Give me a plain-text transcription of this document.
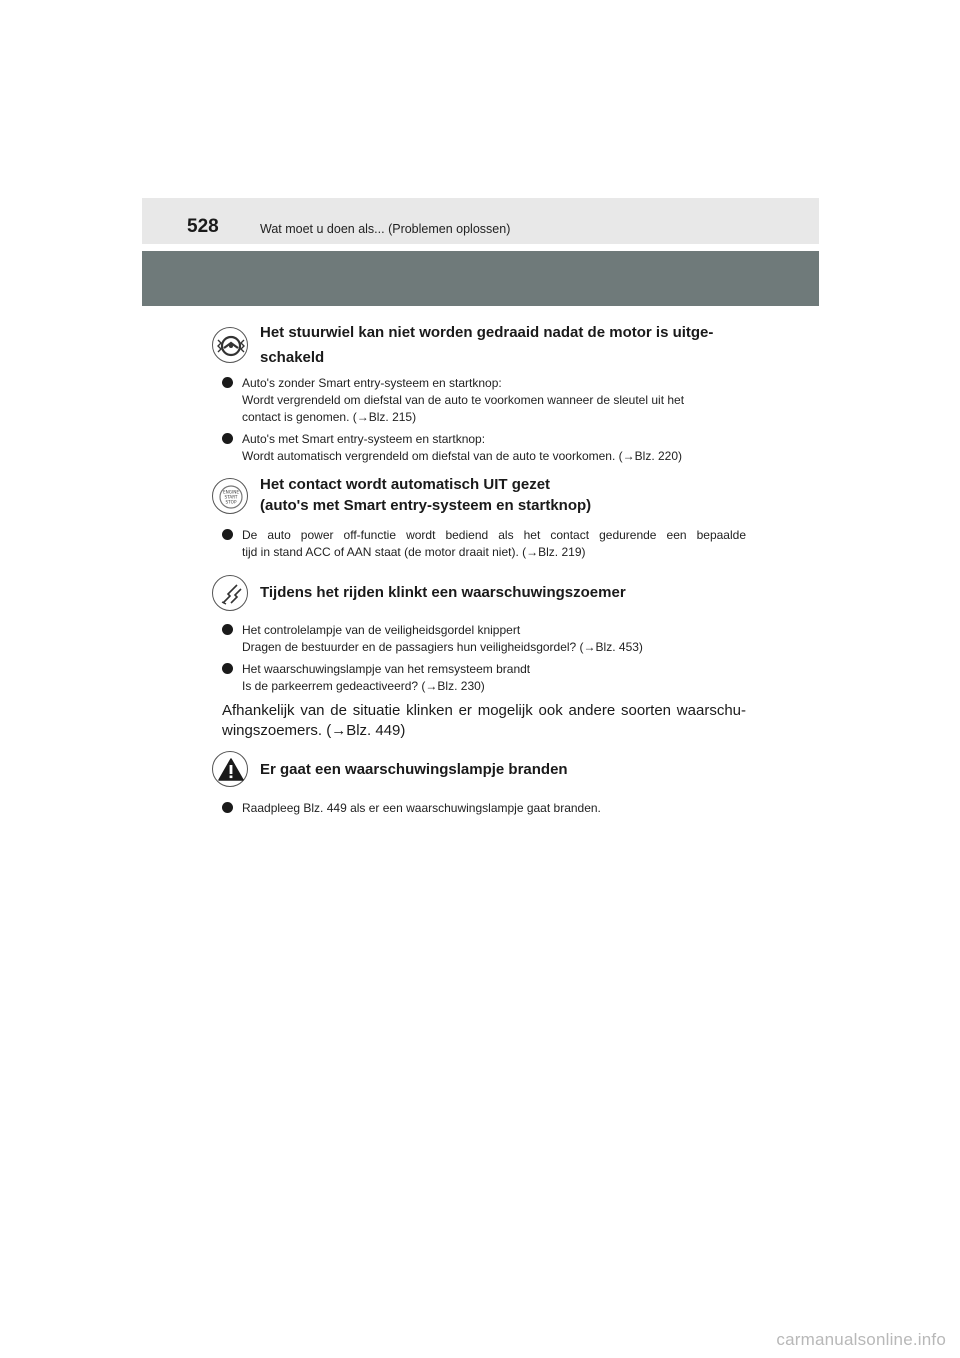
528	Wat moet u doen als... (Problemen oplossen)
Het stuurwiel kan niet worden gedraaid nadat de motor is uitge-
schakeld
Auto's zonder Smart entry-systeem en startknop:
Wordt vergrendeld om diefstal van de auto te voorkomen wanneer de sleutel uit het
contact is genomen. (→Blz. 215)
Auto's met Smart entry-systeem en startknop:
Wordt automatisch vergrendeld om diefstal van de auto te voorkomen. (→Blz. 220)
ENGINE
START
STOP
Het contact wordt automatisch UIT gezet
(auto's met Smart entry-systeem en startknop)
De auto power off-functie wordt bediend als het contact gedurende een bepaalde
tijd in stand ACC of AAN staat (de motor draait niet). (→Blz. 219)
Tijdens het rijden klinkt een waarschuwingszoemer
Het controlelampje van de veiligheidsgordel knippert
Dragen de bestuurder en de passagiers hun veiligheidsgordel? (→Blz. 453)
Het waarschuwingslampje van het remsysteem brandt
Is de parkeerrem gedeactiveerd? (→Blz. 230)
Afhankelijk van de situatie klinken er mogelijk ook andere soorten waarschu-
wingszoemers. (→Blz. 449)
Er gaat een waarschuwingslampje branden
Raadpleeg Blz. 449 als er een waarschuwingslampje gaat branden.
carmanualsonline.info
